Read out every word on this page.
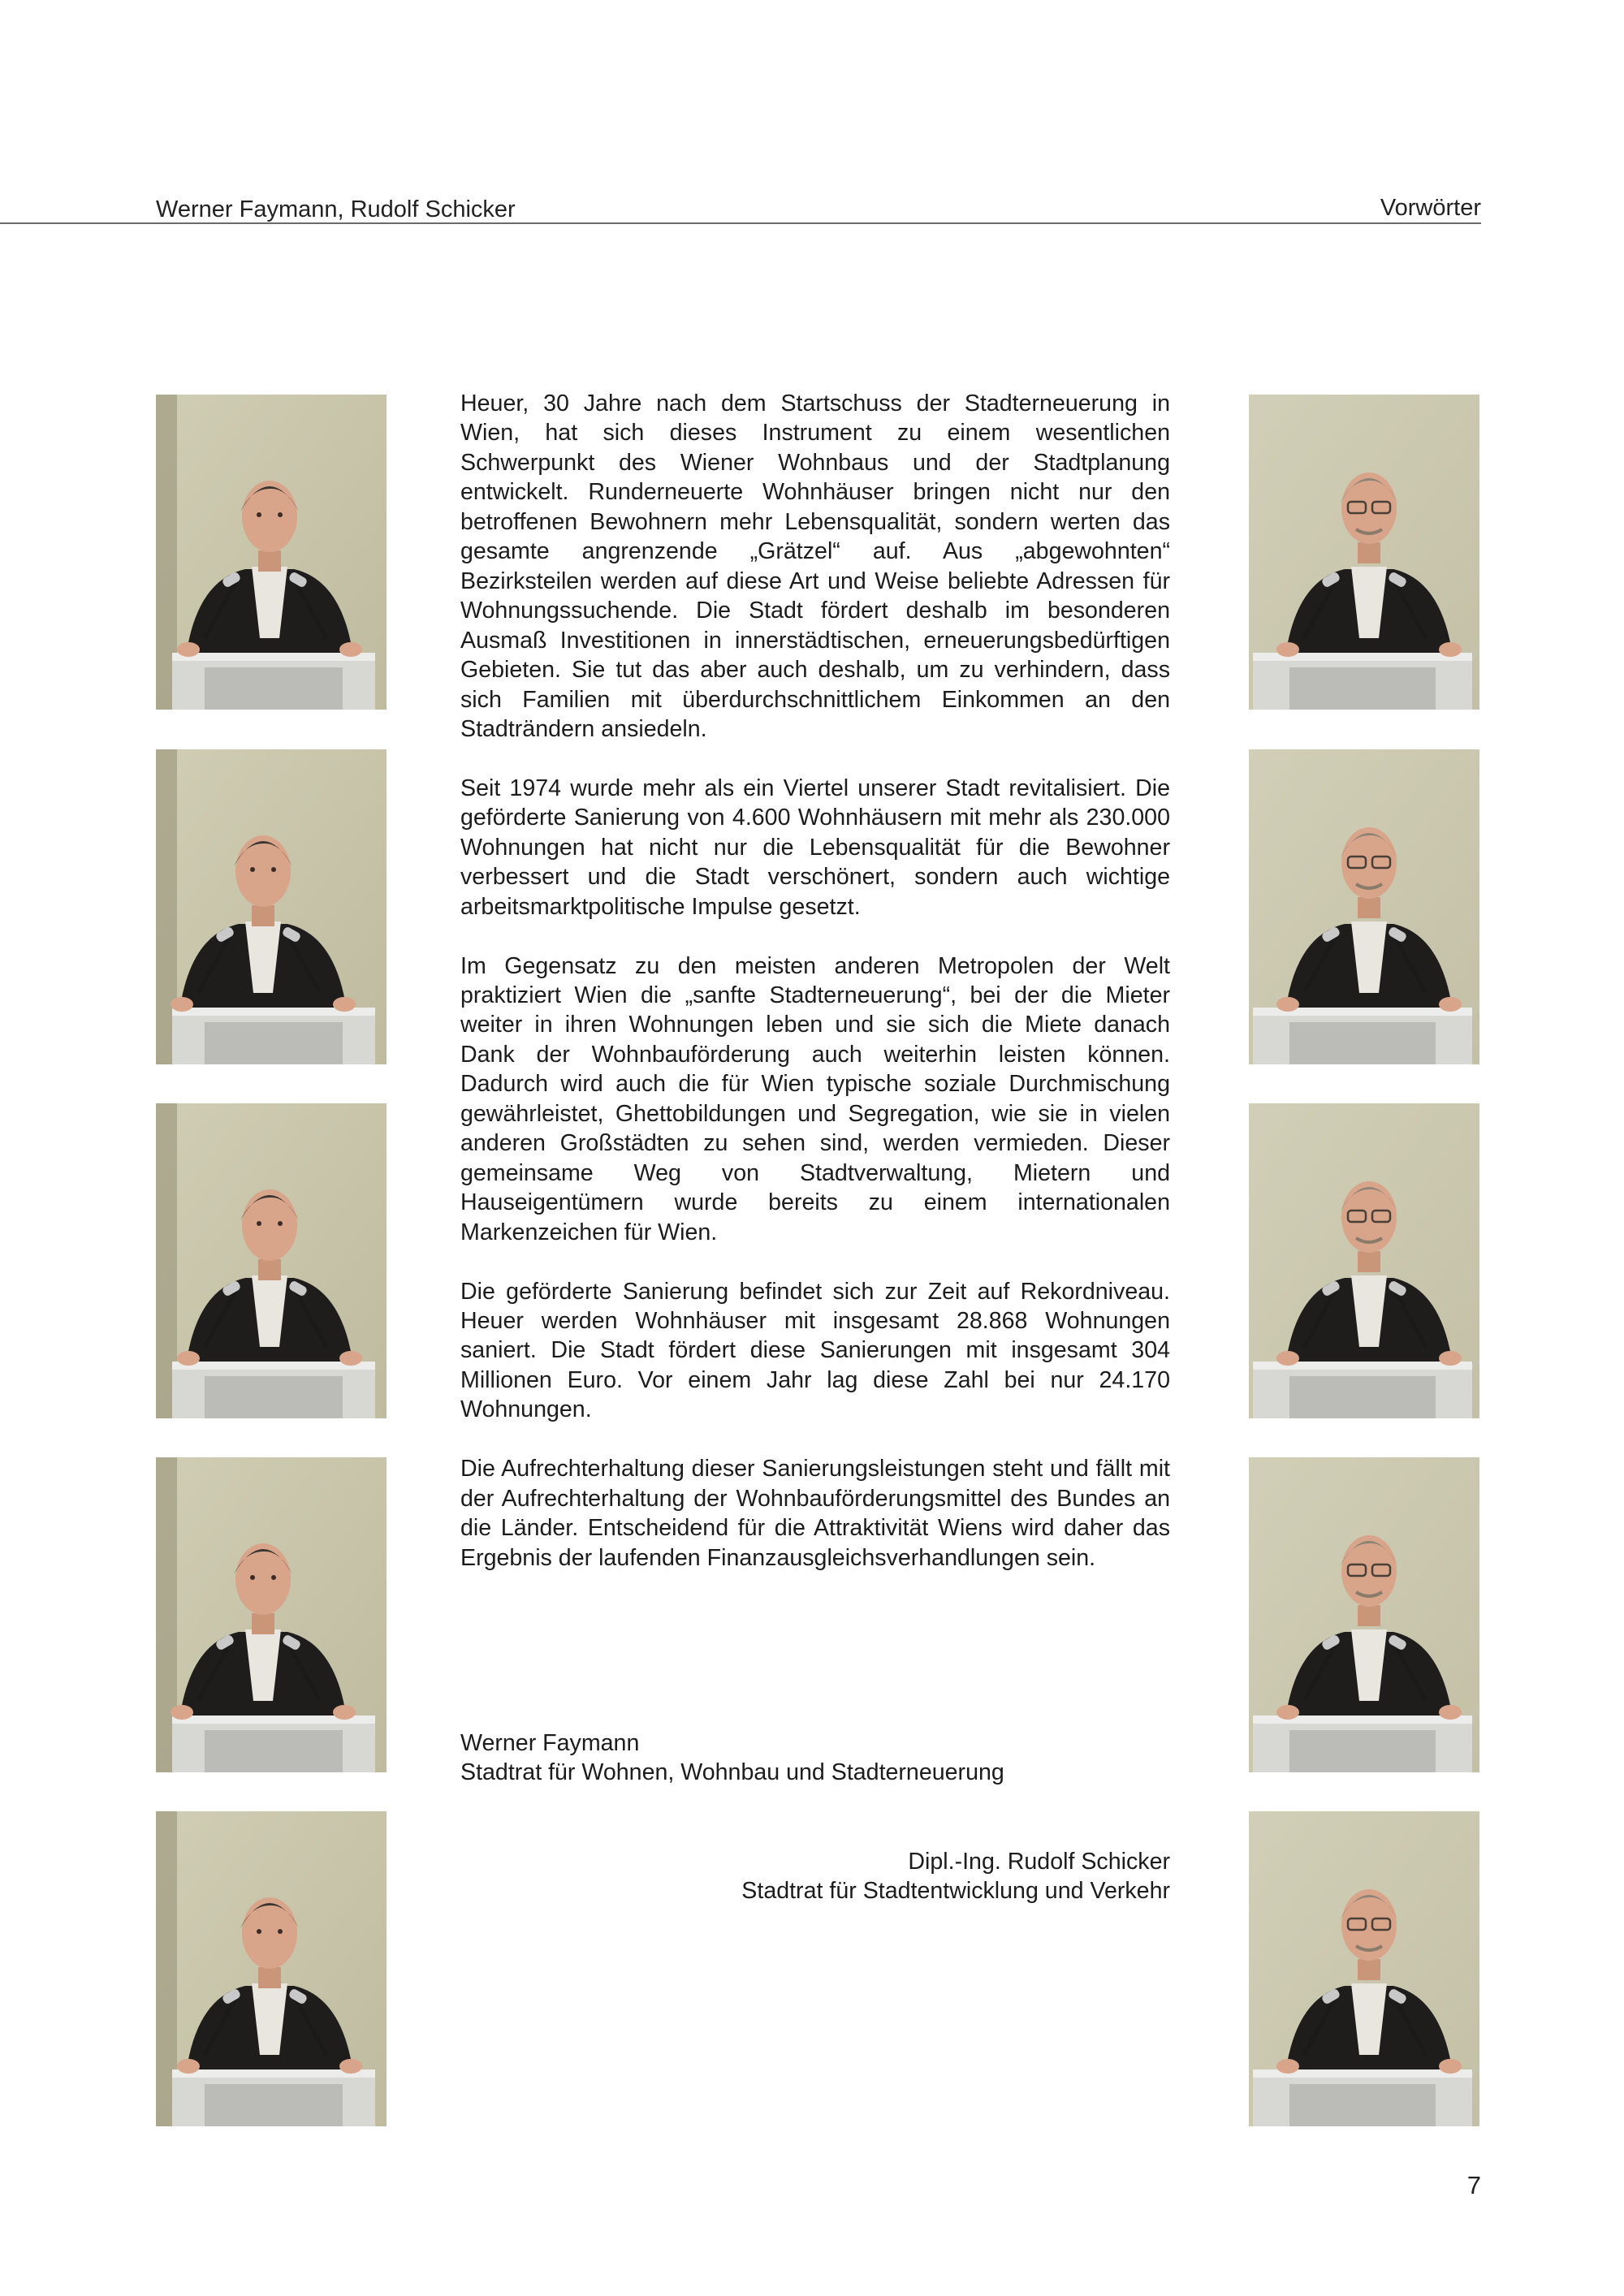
Werner Faymann, Rudolf Schicker	Vorwörter

Heuer, 30 Jahre nach dem Startschuss der Stadterneuerung in Wien, hat sich dieses Instrument zu einem wesentlichen Schwerpunkt des Wiener Wohnbaus und der Stadtplanung entwickelt. Runderneuerte Wohnhäuser bringen nicht nur den betroffenen Bewohnern mehr Lebensqualität, sondern werten das gesamte angrenzende „Grätzel“ auf. Aus „abgewohnten“ Bezirksteilen werden auf diese Art und Weise beliebte Adressen für Wohnungssuchende. Die Stadt fördert deshalb im besonderen Ausmaß Investitionen in innerstädtischen, erneuerungsbedürftigen Gebieten. Sie tut das aber auch deshalb, um zu verhindern, dass sich Familien mit überdurchschnittlichem Einkommen an den Stadträndern ansiedeln.

Seit 1974 wurde mehr als ein Viertel unserer Stadt revitalisiert. Die geförderte Sanierung von 4.600 Wohnhäusern mit mehr als 230.000 Wohnungen hat nicht nur die Lebensqualität für die Bewohner verbessert und die Stadt verschönert, sondern auch wichtige arbeitsmarktpolitische Impulse gesetzt.

Im Gegensatz zu den meisten anderen Metropolen der Welt praktiziert Wien die „sanfte Stadterneuerung“, bei der die Mieter weiter in ihren Wohnungen leben und sie sich die Miete danach Dank der Wohnbauförderung auch weiterhin leisten können. Dadurch wird auch die für Wien typische soziale Durchmischung gewährleistet, Ghettobildungen und Segregation, wie sie in vielen anderen Großstädten zu sehen sind, werden vermieden. Dieser gemeinsame Weg von Stadtverwaltung, Mietern und Hauseigentümern wurde bereits zu einem internationalen Markenzeichen für Wien.

Die geförderte Sanierung befindet sich zur Zeit auf Rekordniveau. Heuer werden Wohnhäuser mit insgesamt 28.868 Wohnungen saniert. Die Stadt fördert diese Sanierungen mit insgesamt 304 Millionen Euro. Vor einem Jahr lag diese Zahl bei nur 24.170 Wohnungen.

Die Aufrechterhaltung dieser Sanierungsleistungen steht und fällt mit der Aufrechterhaltung der Wohnbauförderungsmittel des Bundes an die Länder. Entscheidend für die Attraktivität Wiens wird daher das Ergebnis der laufenden Finanzausgleichsverhandlungen sein.

Werner Faymann
Stadtrat für Wohnen, Wohnbau und Stadterneuerung
Dipl.-Ing. Rudolf Schicker
Stadtrat für Stadtentwicklung und Verkehr
7
